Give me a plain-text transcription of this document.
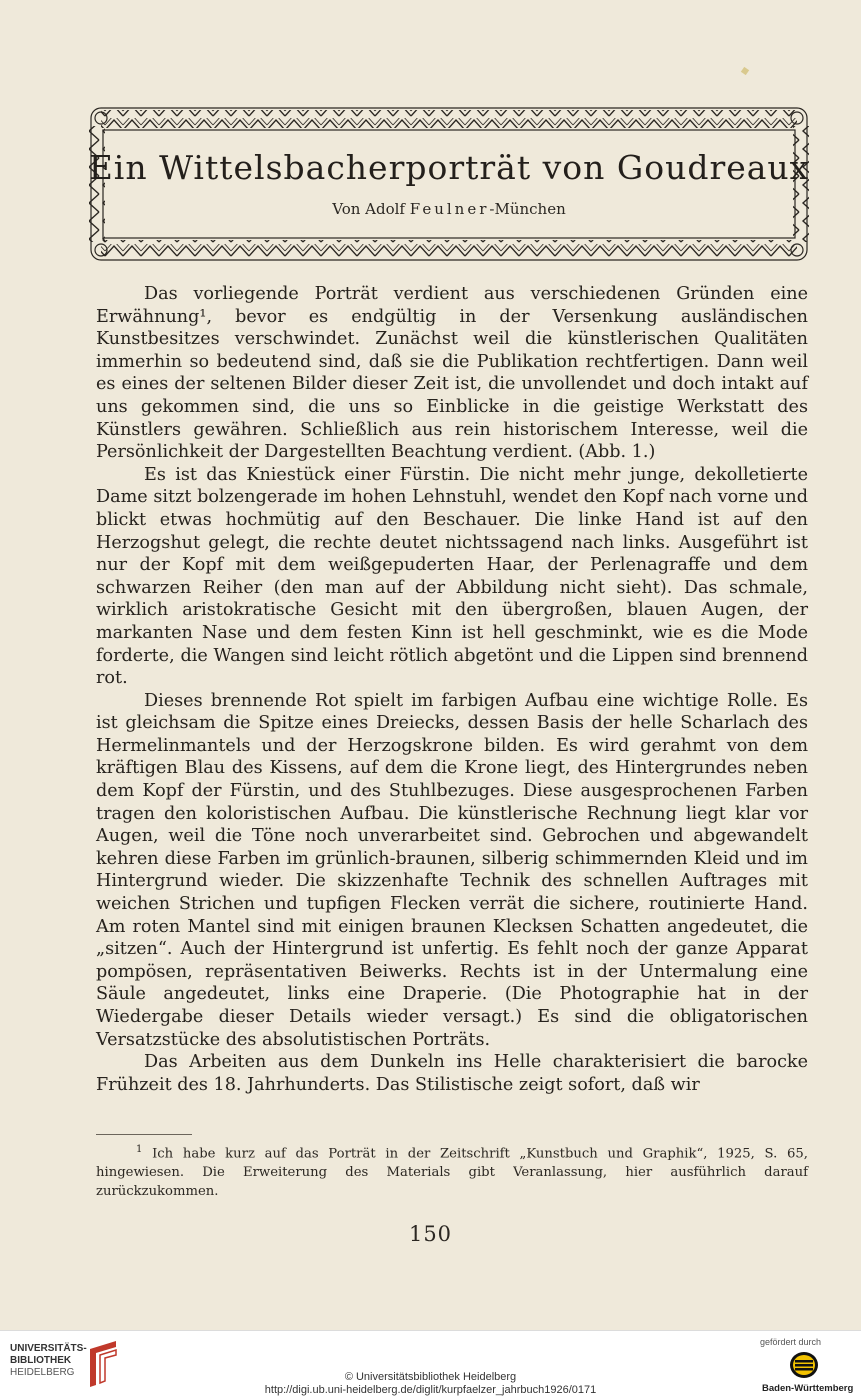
Ein Wittelsbacherporträt von Goudreaux
Von Adolf Feulner-München

Das vorliegende Porträt verdient aus verschiedenen Gründen eine Erwähnung¹, bevor es endgültig in der Versenkung ausländischen Kunstbesitzes verschwindet. Zunächst weil die künstlerischen Qualitäten immerhin so bedeutend sind, daß sie die Publikation rechtfertigen. Dann weil es eines der seltenen Bilder dieser Zeit ist, die unvollendet und doch intakt auf uns gekommen sind, die uns so Einblicke in die geistige Werkstatt des Künstlers gewähren. Schließlich aus rein historischem Interesse, weil die Persönlichkeit der Dargestellten Beachtung verdient. (Abb. 1.)

Es ist das Kniestück einer Fürstin. Die nicht mehr junge, dekolletierte Dame sitzt bolzengerade im hohen Lehnstuhl, wendet den Kopf nach vorne und blickt etwas hochmütig auf den Beschauer. Die linke Hand ist auf den Herzogshut gelegt, die rechte deutet nichtssagend nach links. Ausgeführt ist nur der Kopf mit dem weißgepuderten Haar, der Perlenagraffe und dem schwarzen Reiher (den man auf der Abbildung nicht sieht). Das schmale, wirklich aristokratische Gesicht mit den übergroßen, blauen Augen, der markanten Nase und dem festen Kinn ist hell geschminkt, wie es die Mode forderte, die Wangen sind leicht rötlich abgetönt und die Lippen sind brennend rot.

Dieses brennende Rot spielt im farbigen Aufbau eine wichtige Rolle. Es ist gleichsam die Spitze eines Dreiecks, dessen Basis der helle Scharlach des Hermelinmantels und der Herzogskrone bilden. Es wird gerahmt von dem kräftigen Blau des Kissens, auf dem die Krone liegt, des Hintergrundes neben dem Kopf der Fürstin, und des Stuhlbezuges. Diese ausgesprochenen Farben tragen den koloristischen Aufbau. Die künstlerische Rechnung liegt klar vor Augen, weil die Töne noch unverarbeitet sind. Gebrochen und abgewandelt kehren diese Farben im grünlich-braunen, silberig schimmernden Kleid und im Hintergrund wieder. Die skizzenhafte Technik des schnellen Auftrages mit weichen Strichen und tupfigen Flecken verrät die sichere, routinierte Hand. Am roten Mantel sind mit einigen braunen Klecksen Schatten angedeutet, die „sitzen“. Auch der Hintergrund ist unfertig. Es fehlt noch der ganze Apparat pompösen, repräsentativen Beiwerks. Rechts ist in der Untermalung eine Säule angedeutet, links eine Draperie. (Die Photographie hat in der Wiedergabe dieser Details wieder versagt.) Es sind die obligatorischen Versatzstücke des absolutistischen Porträts.

Das Arbeiten aus dem Dunkeln ins Helle charakterisiert die barocke Frühzeit des 18. Jahrhunderts. Das Stilistische zeigt sofort, daß wir

$^1$ Ich habe kurz auf das Porträt in der Zeitschrift „Kunstbuch und Graphik“, 1925, S. 65, hingewiesen. Die Erweiterung des Materials gibt Veranlassung, hier ausführlich darauf zurückzukommen.

150
UNIVERSITÄTS-
BIBLIOTHEK
HEIDELBERG	© Universitätsbibliothek Heidelberg
http://digi.ub.uni-heidelberg.de/diglit/kurpfaelzer_jahrbuch1926/0171
gefördert durch
Baden-Württemberg
